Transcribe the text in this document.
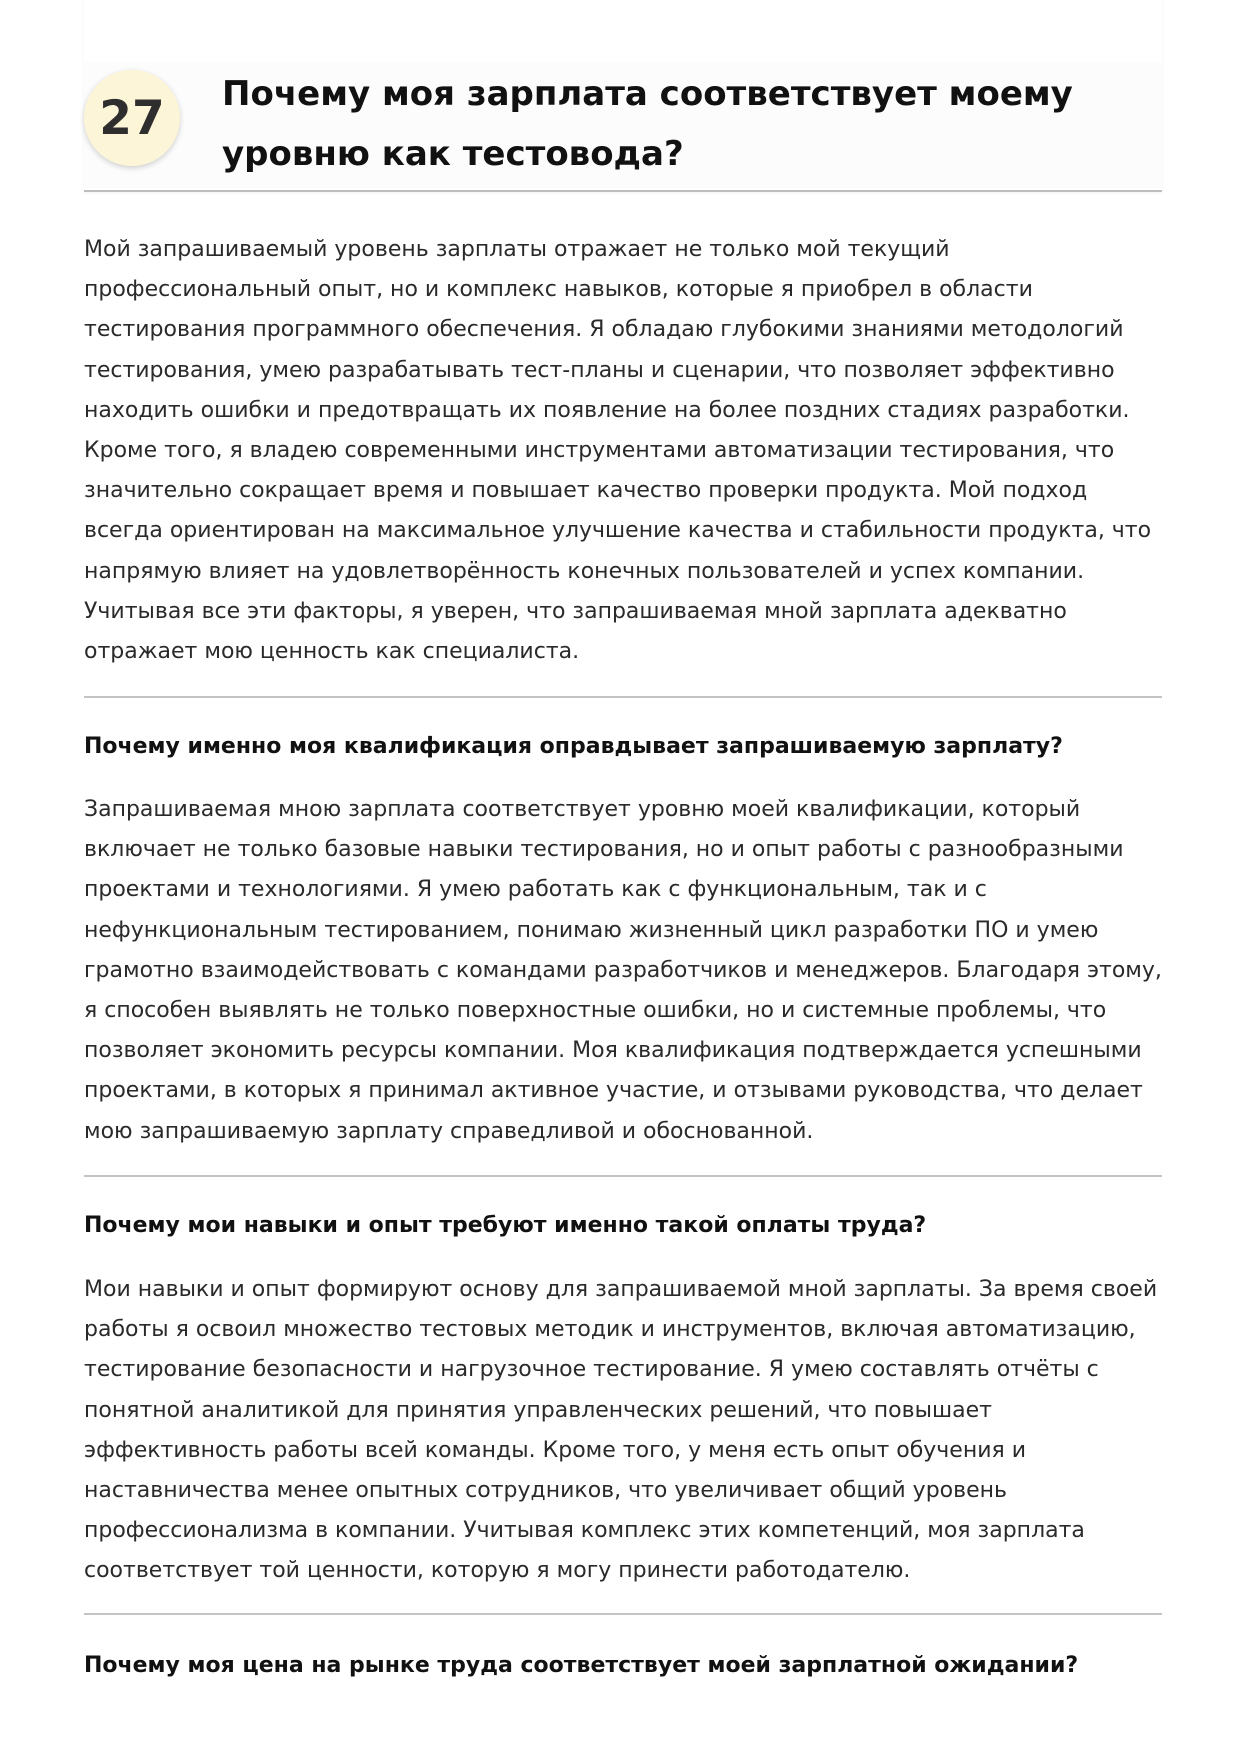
27	Почему моя зарплата соответствует моему уровню как тестовода?

Мой запрашиваемый уровень зарплаты отражает не только мой текущий профессиональный опыт, но и комплекс навыков, которые я приобрел в области тестирования программного обеспечения. Я обладаю глубокими знаниями методологий тестирования, умею разрабатывать тест-планы и сценарии, что позволяет эффективно находить ошибки и предотвращать их появление на более поздних стадиях разработки. Кроме того, я владею современными инструментами автоматизации тестирования, что значительно сокращает время и повышает качество проверки продукта. Мой подход всегда ориентирован на максимальное улучшение качества и стабильности продукта, что напрямую влияет на удовлетворённость конечных пользователей и успех компании. Учитывая все эти факторы, я уверен, что запрашиваемая мной зарплата адекватно отражает мою ценность как специалиста.

Почему именно моя квалификация оправдывает запрашиваемую зарплату?

Запрашиваемая мною зарплата соответствует уровню моей квалификации, который включает не только базовые навыки тестирования, но и опыт работы с разнообразными проектами и технологиями. Я умею работать как с функциональным, так и с нефункциональным тестированием, понимаю жизненный цикл разработки ПО и умею грамотно взаимодействовать с командами разработчиков и менеджеров. Благодаря этому, я способен выявлять не только поверхностные ошибки, но и системные проблемы, что позволяет экономить ресурсы компании. Моя квалификация подтверждается успешными проектами, в которых я принимал активное участие, и отзывами руководства, что делает мою запрашиваемую зарплату справедливой и обоснованной.

Почему мои навыки и опыт требуют именно такой оплаты труда?

Мои навыки и опыт формируют основу для запрашиваемой мной зарплаты. За время своей работы я освоил множество тестовых методик и инструментов, включая автоматизацию, тестирование безопасности и нагрузочное тестирование. Я умею составлять отчёты с понятной аналитикой для принятия управленческих решений, что повышает эффективность работы всей команды. Кроме того, у меня есть опыт обучения и наставничества менее опытных сотрудников, что увеличивает общий уровень профессионализма в компании. Учитывая комплекс этих компетенций, моя зарплата соответствует той ценности, которую я могу принести работодателю.

Почему моя цена на рынке труда соответствует моей зарплатной ожидании?
